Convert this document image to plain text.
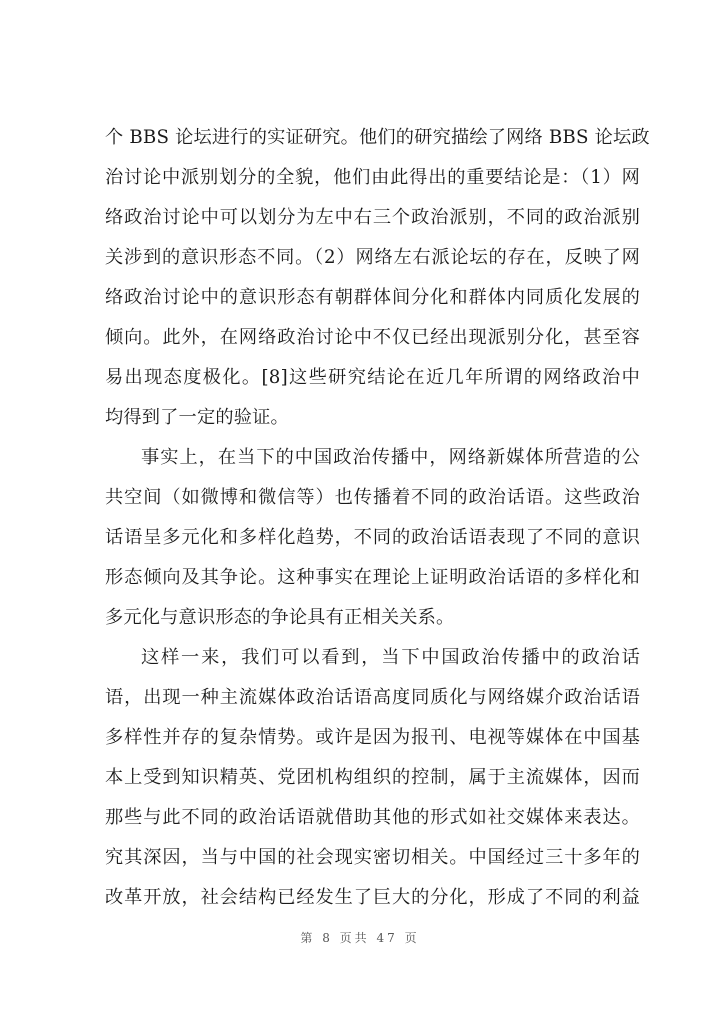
个 BBS 论坛进行的实证研究。他们的研究描绘了网络 BBS 论坛政
治讨论中派别划分的全貌，他们由此得出的重要结论是：（1）网
络政治讨论中可以划分为左中右三个政治派别，不同的政治派别
关涉到的意识形态不同。（2）网络左右派论坛的存在，反映了网
络政治讨论中的意识形态有朝群体间分化和群体内同质化发展的
倾向。此外，在网络政治讨论中不仅已经出现派别分化，甚至容
易出现态度极化。[8]这些研究结论在近几年所谓的网络政治中
均得到了一定的验证。
事实上，在当下的中国政治传播中，网络新媒体所营造的公
共空间（如微博和微信等）也传播着不同的政治话语。这些政治
话语呈多元化和多样化趋势，不同的政治话语表现了不同的意识
形态倾向及其争论。这种事实在理论上证明政治话语的多样化和
多元化与意识形态的争论具有正相关关系。
这样一来，我们可以看到，当下中国政治传播中的政治话
语，出现一种主流媒体政治话语高度同质化与网络媒介政治话语
多样性并存的复杂情势。或许是因为报刊、电视等媒体在中国基
本上受到知识精英、党团机构组织的控制，属于主流媒体，因而
那些与此不同的政治话语就借助其他的形式如社交媒体来表达。
究其深因，当与中国的社会现实密切相关。中国经过三十多年的
改革开放，社会结构已经发生了巨大的分化，形成了不同的利益
第 8 页共 47 页
